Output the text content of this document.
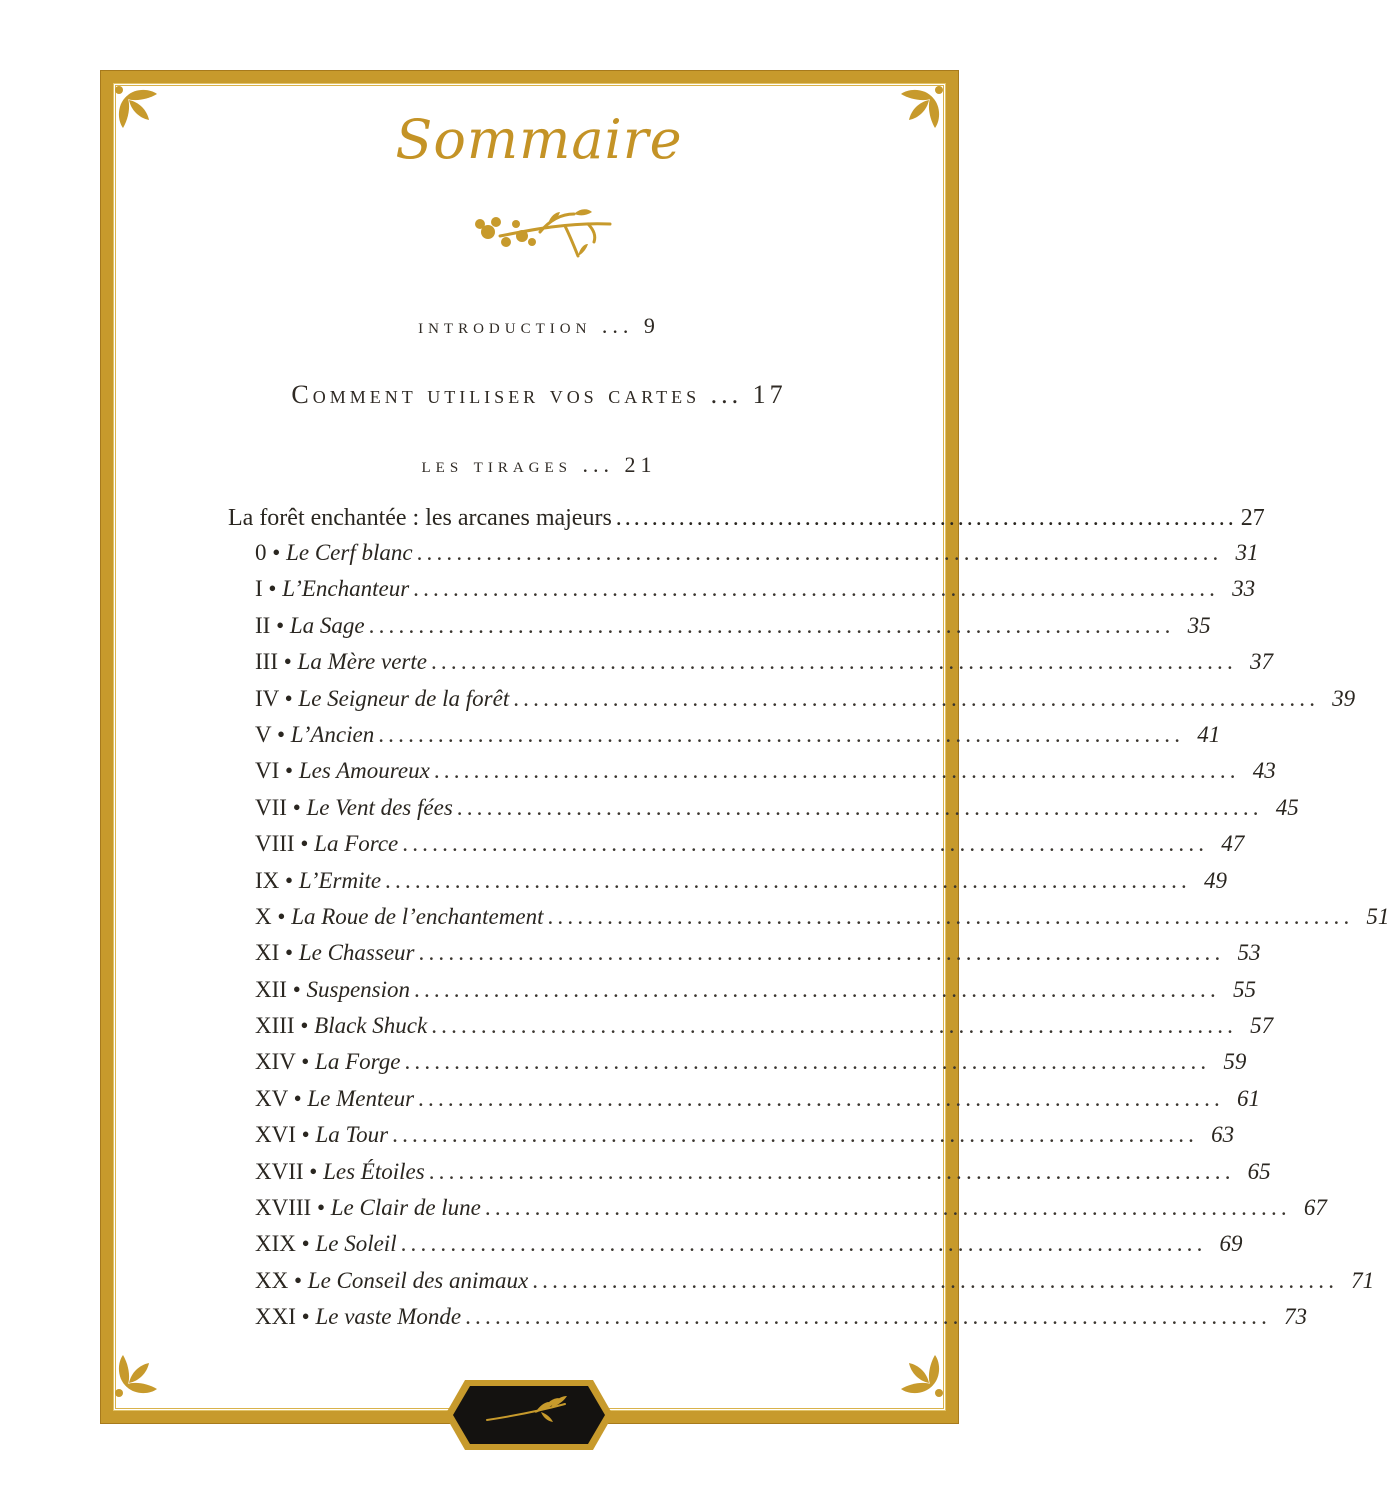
Sommaire
introduction ... 9
Comment utiliser vos cartes ... 17
les tirages ... 21
La forêt enchantée : les arcanes majeurs ..................................................................... 27
0 • Le Cerf blanc ................................................................................. 31
I • L’Enchanteur ................................................................................. 33
II • La Sage ................................................................................. 35
III • La Mère verte ................................................................................. 37
IV • Le Seigneur de la forêt ................................................................................. 39
V • L’Ancien ................................................................................. 41
VI • Les Amoureux ................................................................................. 43
VII • Le Vent des fées ................................................................................. 45
VIII • La Force ................................................................................. 47
IX • L’Ermite ................................................................................. 49
X • La Roue de l’enchantement ................................................................................. 51
XI • Le Chasseur ................................................................................. 53
XII • Suspension ................................................................................. 55
XIII • Black Shuck ................................................................................. 57
XIV • La Forge ................................................................................. 59
XV • Le Menteur ................................................................................. 61
XVI • La Tour ................................................................................. 63
XVII • Les Étoiles ................................................................................. 65
XVIII • Le Clair de lune ................................................................................. 67
XIX • Le Soleil ................................................................................. 69
XX • Le Conseil des animaux ................................................................................. 71
XXI • Le vaste Monde ................................................................................. 73
